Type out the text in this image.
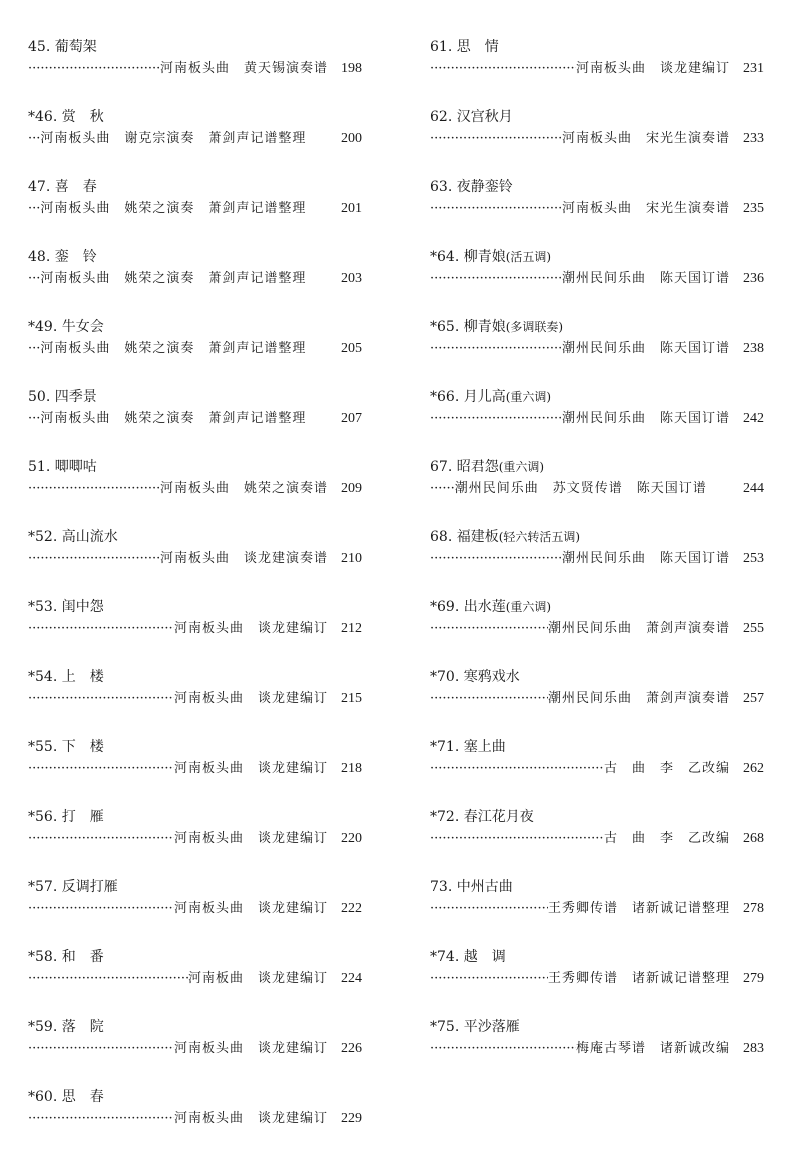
45. 葡萄架
·····
河南板头曲　黄天锡演奏谱 198
*46. 赏　秋
··· 河南板头曲　谢克宗演奏　萧剑声记谱整理	200
47. 喜　春
··· 河南板头曲　姚荣之演奏　萧剑声记谱整理	201
48. 銮　铃
··· 河南板头曲　姚荣之演奏　萧剑声记谱整理	203
*49. 牛女会
··· 河南板头曲　姚荣之演奏　萧剑声记谱整理	205
50. 四季景
··· 河南板头曲　姚荣之演奏　萧剑声记谱整理	207
51. 唧唧咕
·····
河南板头曲　姚荣之演奏谱 209
*52. 高山流水
·····
河南板头曲　谈龙建演奏谱 210
*53. 闺中怨
·····
河南板头曲　谈龙建编订 212
*54. 上　楼
·····
河南板头曲　谈龙建编订 215
*55. 下　楼
·····
河南板头曲　谈龙建编订 218
*56. 打　雁
·····
河南板头曲　谈龙建编订 220
*57. 反调打雁
·····
河南板头曲　谈龙建编订 222
*58. 和　番
·····
河南板曲　谈龙建编订 224
*59. 落　院
·····
河南板头曲　谈龙建编订 226
*60. 思　春
·····
河南板头曲　谈龙建编订 229
61. 思　情
·····
河南板头曲　谈龙建编订 231
62. 汉宫秋月
·····
河南板头曲　宋光生演奏谱 233
63. 夜静銮铃
·····
河南板头曲　宋光生演奏谱 235
*64. 柳青娘(活五调)
·····
潮州民间乐曲　陈天国订谱 236
*65. 柳青娘(多调联奏)
·····
潮州民间乐曲　陈天国订谱 238
*66. 月儿高(重六调)
·····
潮州民间乐曲　陈天国订谱 242
67. 昭君怨(重六调)
······ 潮州民间乐曲　苏文贤传谱　陈天国订谱	244
68. 福建板(轻六转活五调)
·····
潮州民间乐曲　陈天国订谱 253
*69. 出水莲(重六调)
·····
潮州民间乐曲　萧剑声演奏谱 255
*70. 寒鸦戏水
·····
潮州民间乐曲　萧剑声演奏谱 257
*71. 塞上曲
·····
古　曲　李　乙改编 262
*72. 春江花月夜
·····
古　曲　李　乙改编 268
73. 中州古曲
·····
王秀卿传谱　诸新诚记谱整理 278
*74. 越　调
·····
王秀卿传谱　诸新诚记谱整理 279
*75. 平沙落雁
·····
梅庵古琴谱　诸新诚改编 283
